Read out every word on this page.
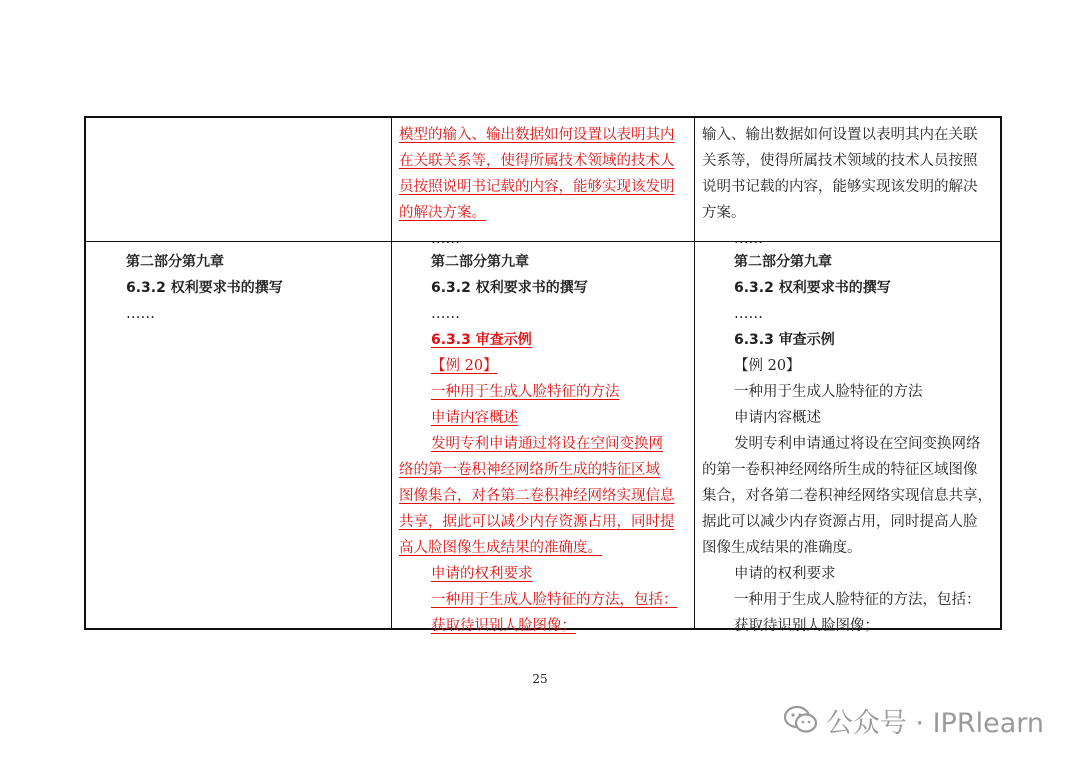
模型的输入、输出数据如何设置以表明其内
在关联关系等，使得所属技术领域的技术人
员按照说明书记载的内容，能够实现该发明
的解决方案。
……
输入、输出数据如何设置以表明其内在关联
关系等，使得所属技术领域的技术人员按照
说明书记载的内容，能够实现该发明的解决
方案。
……
第二部分第九章
6.3.2 权利要求书的撰写
……
第二部分第九章
6.3.2 权利要求书的撰写
……
6.3.3 审查示例
【例 20】
一种用于生成人脸特征的方法
申请内容概述
发明专利申请通过将设在空间变换网
络的第一卷积神经网络所生成的特征区域
图像集合，对各第二卷积神经网络实现信息
共享，据此可以减少内存资源占用，同时提
高人脸图像生成结果的准确度。
申请的权利要求
一种用于生成人脸特征的方法，包括：
获取待识别人脸图像；
第二部分第九章
6.3.2 权利要求书的撰写
……
6.3.3 审查示例
【例 20】
一种用于生成人脸特征的方法
申请内容概述
发明专利申请通过将设在空间变换网络
的第一卷积神经网络所生成的特征区域图像
集合，对各第二卷积神经网络实现信息共享，
据此可以减少内存资源占用，同时提高人脸
图像生成结果的准确度。
申请的权利要求
一种用于生成人脸特征的方法，包括：
获取待识别人脸图像；
25
公众号 · IPRlearn
